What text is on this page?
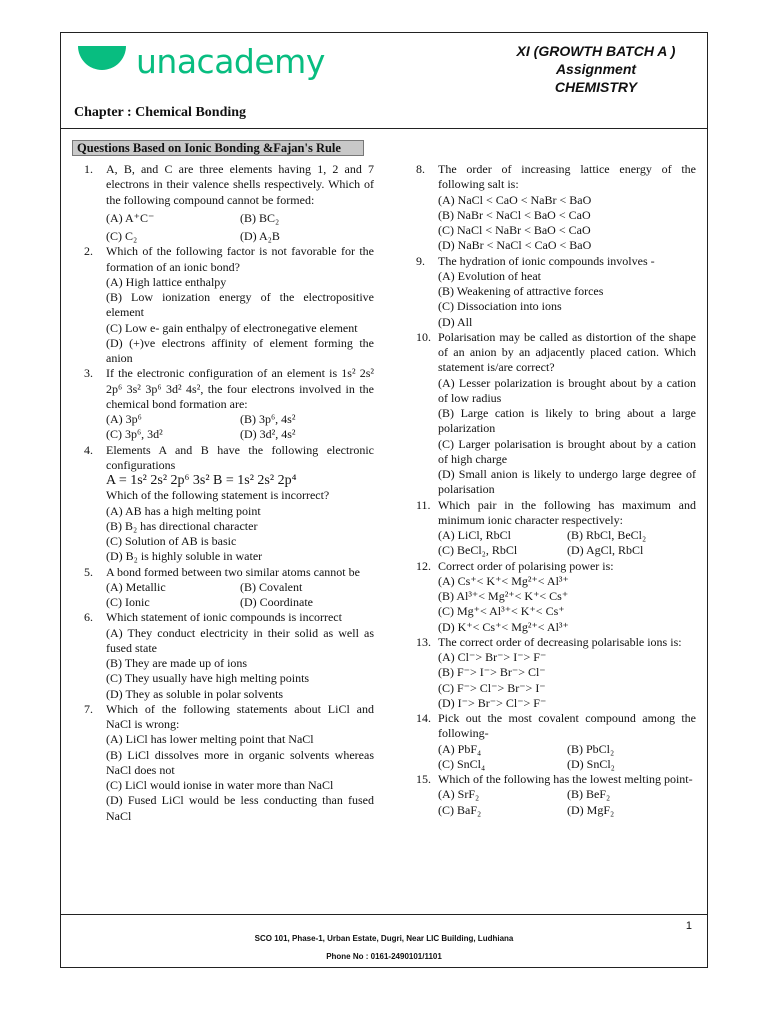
unacademy	XI (GROWTH BATCH A )
Assignment
CHEMISTRY
Chapter : Chemical Bonding
Questions Based on Ionic Bonding &Fajan's Rule
1. A, B, and C are three elements having 1, 2 and 7 electrons in their valence shells respectively. Which of the following compound cannot be formed:
(A) A⁺C⁻	(B) BC₂
(C) C₂	(D) A₂B
2. Which of the following factor is not favorable for the formation of an ionic bond?
(A) High lattice enthalpy
(B) Low ionization energy of the electropositive element
(C) Low e- gain enthalpy of electronegative element
(D) (+)ve electrons affinity of element forming the anion
3. If the electronic configuration of an element is 1s² 2s² 2p⁶ 3s² 3p⁶ 3d² 4s², the four electrons involved in the chemical bond formation are:
(A) 3p⁶	(B) 3p⁶, 4s²
(C) 3p⁶, 3d²	(D) 3d², 4s²
4. Elements A and B have the following electronic configurations
A = 1s² 2s² 2p⁶ 3s² B = 1s² 2s² 2p⁴
Which of the following statement is incorrect?
(A) AB has a high melting point
(B) B₂ has directional character
(C) Solution of AB is basic
(D) B₂ is highly soluble in water
5. A bond formed between two similar atoms cannot be
(A) Metallic	(B) Covalent
(C) Ionic	(D) Coordinate
6. Which statement of ionic compounds is incorrect
(A) They conduct electricity in their solid as well as fused state
(B) They are made up of ions
(C) They usually have high melting points
(D) They as soluble in polar solvents
7. Which of the following statements about LiCl and NaCl is wrong:
(A) LiCl has lower melting point that NaCl
(B) LiCl dissolves more in organic solvents whereas NaCl does not
(C) LiCl would ionise in water more than NaCl
(D) Fused LiCl would be less conducting than fused NaCl
8. The order of increasing lattice energy of the following salt is:
(A) NaCl < CaO < NaBr < BaO
(B) NaBr < NaCl < BaO < CaO
(C) NaCl < NaBr < BaO < CaO
(D) NaBr < NaCl < CaO < BaO
9. The hydration of ionic compounds involves -
(A) Evolution of heat
(B) Weakening of attractive forces
(C) Dissociation into ions
(D) All
10. Polarisation may be called as distortion of the shape of an anion by an adjacently placed cation. Which statement is/are correct?
(A) Lesser polarization is brought about by a cation of low radius
(B) Large cation is likely to bring about a large polarization
(C) Larger polarisation is brought about by a cation of high charge
(D) Small anion is likely to undergo large degree of polarisation
11. Which pair in the following has maximum and minimum ionic character respectively:
(A) LiCl, RbCl	(B) RbCl, BeCl₂
(C) BeCl₂, RbCl	(D) AgCl, RbCl
12. Correct order of polarising power is:
(A) Cs⁺< K⁺< Mg²⁺< Al³⁺
(B) Al³⁺< Mg²⁺< K⁺< Cs⁺
(C) Mg⁺< Al³⁺< K⁺< Cs⁺
(D) K⁺< Cs⁺< Mg²⁺< Al³⁺
13. The correct order of decreasing polarisable ions is:
(A) Cl⁻> Br⁻> I⁻> F⁻
(B) F⁻> I⁻> Br⁻> Cl⁻
(C) F⁻> Cl⁻> Br⁻> I⁻
(D) I⁻> Br⁻> Cl⁻> F⁻
14. Pick out the most covalent compound among the following-
(A) PbF₄	(B) PbCl₂
(C) SnCl₄	(D) SnCl₂
15. Which of the following has the lowest melting point-
(A) SrF₂	(B) BeF₂
(C) BaF₂	(D) MgF₂
1
SCO 101, Phase-1, Urban Estate, Dugri, Near LIC Building, Ludhiana
Phone No : 0161-2490101/1101
